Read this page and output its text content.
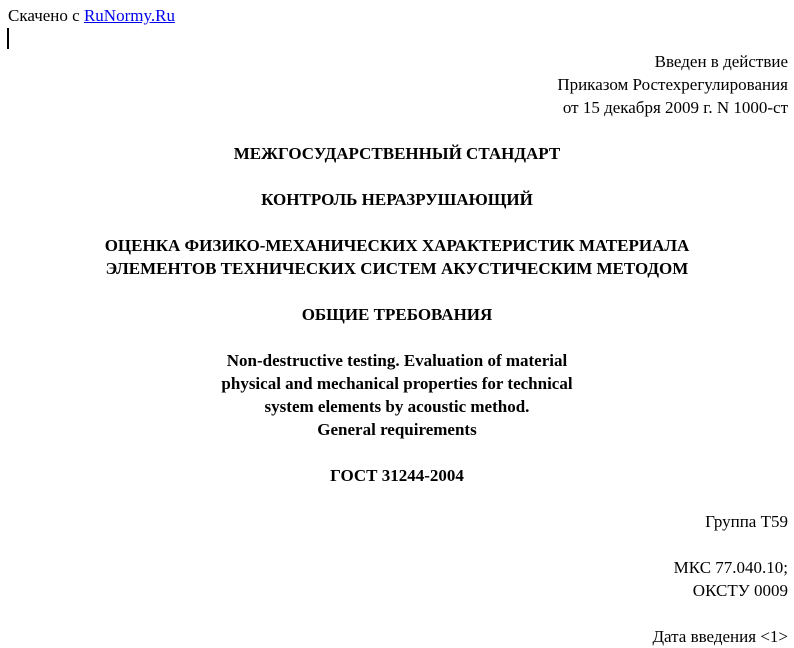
Скачено с RuNormy.Ru
Введен в действие
Приказом Ростехрегулирования
от 15 декабря 2009 г. N 1000-ст
МЕЖГОСУДАРСТВЕННЫЙ СТАНДАРТ
КОНТРОЛЬ НЕРАЗРУШАЮЩИЙ
ОЦЕНКА ФИЗИКО-МЕХАНИЧЕСКИХ ХАРАКТЕРИСТИК МАТЕРИАЛА
ЭЛЕМЕНТОВ ТЕХНИЧЕСКИХ СИСТЕМ АКУСТИЧЕСКИМ МЕТОДОМ
ОБЩИЕ ТРЕБОВАНИЯ
Non-destructive testing. Evaluation of material
physical and mechanical properties for technical
system elements by acoustic method.
General requirements
ГОСТ 31244-2004
Группа Т59
МКС 77.040.10;
ОКСТУ 0009
Дата введения <1>
